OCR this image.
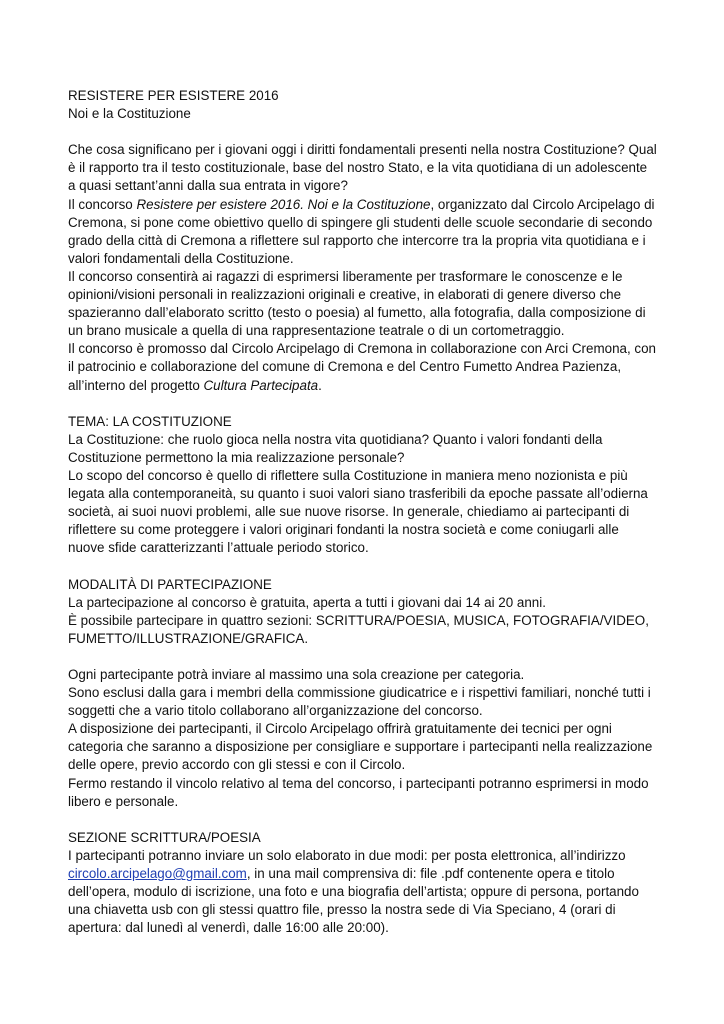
RESISTERE PER ESISTERE 2016

Noi e la Costituzione

Che cosa significano per i giovani oggi i diritti fondamentali presenti nella nostra Costituzione? Qual è il rapporto tra il testo costituzionale, base del nostro Stato, e la vita quotidiana di un adolescente a quasi settant’anni dalla sua entrata in vigore?

Il concorso Resistere per esistere 2016. Noi e la Costituzione, organizzato dal Circolo Arcipelago di Cremona, si pone come obiettivo quello di spingere gli studenti delle scuole secondarie di secondo grado della città di Cremona a riflettere sul rapporto che intercorre tra la propria vita quotidiana e i valori fondamentali della Costituzione.

Il concorso consentirà ai ragazzi di esprimersi liberamente per trasformare le conoscenze e le opinioni/visioni personali in realizzazioni originali e creative, in elaborati di genere diverso che spazieranno dall’elaborato scritto (testo o poesia) al fumetto, alla fotografia, dalla composizione di un brano musicale a quella di una rappresentazione teatrale o di un cortometraggio.

Il concorso è promosso dal Circolo Arcipelago di Cremona in collaborazione con Arci Cremona, con il patrocinio e collaborazione del comune di Cremona e del Centro Fumetto Andrea Pazienza, all’interno del progetto Cultura Partecipata.

TEMA: LA COSTITUZIONE

La Costituzione: che ruolo gioca nella nostra vita quotidiana? Quanto i valori fondanti della Costituzione permettono la mia realizzazione personale?

Lo scopo del concorso è quello di riflettere sulla Costituzione in maniera meno nozionista e più legata alla contemporaneità, su quanto i suoi valori siano trasferibili da epoche passate all’odierna società, ai suoi nuovi problemi, alle sue nuove risorse. In generale, chiediamo ai partecipanti di riflettere su come proteggere i valori originari fondanti la nostra società e come coniugarli alle nuove sfide caratterizzanti l’attuale periodo storico.

MODALITÀ DI PARTECIPAZIONE

La partecipazione al concorso è gratuita, aperta a tutti i giovani dai 14 ai 20 anni.

È possibile partecipare in quattro sezioni: SCRITTURA/POESIA, MUSICA, FOTOGRAFIA/VIDEO, FUMETTO/ILLUSTRAZIONE/GRAFICA.

Ogni partecipante potrà inviare al massimo una sola creazione per categoria.

Sono esclusi dalla gara i membri della commissione giudicatrice e i rispettivi familiari, nonché tutti i soggetti che a vario titolo collaborano all’organizzazione del concorso.

A disposizione dei partecipanti, il Circolo Arcipelago offrirà gratuitamente dei tecnici per ogni categoria che saranno a disposizione per consigliare e supportare i partecipanti nella realizzazione delle opere, previo accordo con gli stessi e con il Circolo.

Fermo restando il vincolo relativo al tema del concorso, i partecipanti potranno esprimersi in modo libero e personale.

SEZIONE SCRITTURA/POESIA

I partecipanti potranno inviare un solo elaborato in due modi: per posta elettronica, all’indirizzo circolo.arcipelago@gmail.com, in una mail comprensiva di: file .pdf contenente opera e titolo dell’opera, modulo di iscrizione, una foto e una biografia dell’artista; oppure di persona, portando una chiavetta usb con gli stessi quattro file, presso la nostra sede di Via Speciano, 4 (orari di apertura: dal lunedì al venerdì, dalle 16:00 alle 20:00).
